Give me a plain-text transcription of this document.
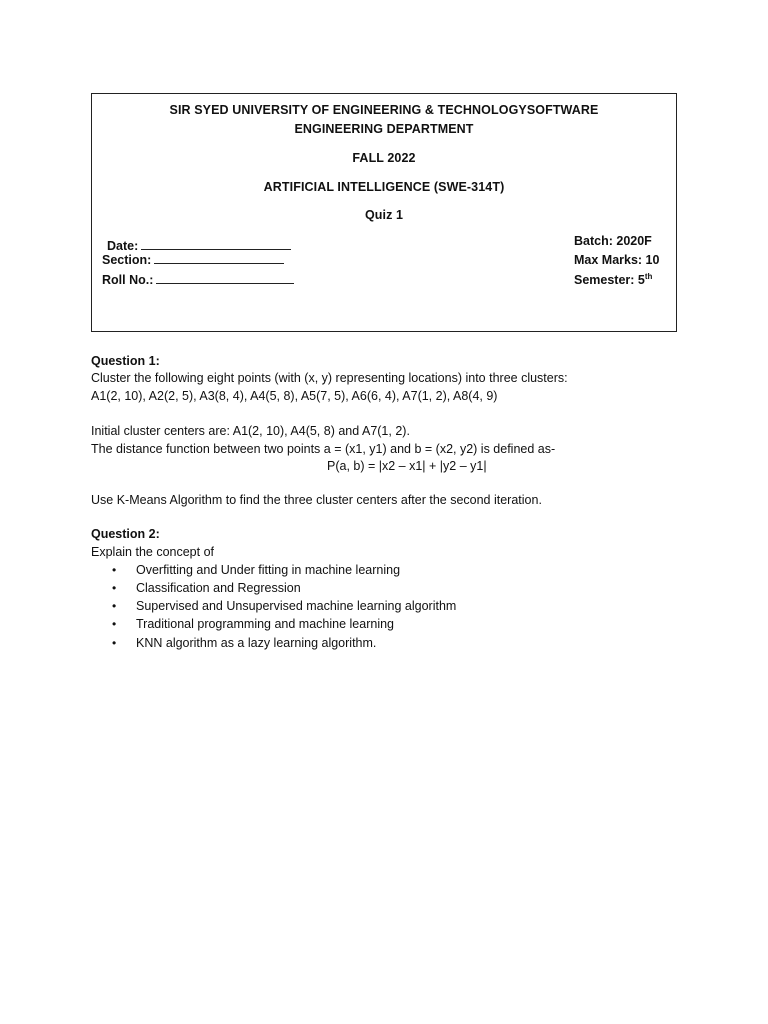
SIR SYED UNIVERSITY OF ENGINEERING & TECHNOLOGYSOFTWARE
ENGINEERING DEPARTMENT
FALL 2022
ARTIFICIAL INTELLIGENCE (SWE-314T)
Quiz 1
Date:
Section:
Roll No.:
Batch: 2020F
Max Marks: 10
Semester: 5th
Question 1:
Cluster the following eight points (with (x, y) representing locations) into three clusters:
A1(2, 10), A2(2, 5), A3(8, 4), A4(5, 8), A5(7, 5), A6(6, 4), A7(1, 2), A8(4, 9)
Initial cluster centers are: A1(2, 10), A4(5, 8) and A7(1, 2).
The distance function between two points a = (x1, y1) and b = (x2, y2) is defined as-
P(a, b) = |x2 – x1| + |y2 – y1|
Use K-Means Algorithm to find the three cluster centers after the second iteration.
Question 2:
Explain the concept of
• Overfitting and Under fitting in machine learning
• Classification and Regression
• Supervised and Unsupervised machine learning algorithm
• Traditional programming and machine learning
• KNN algorithm as a lazy learning algorithm.
